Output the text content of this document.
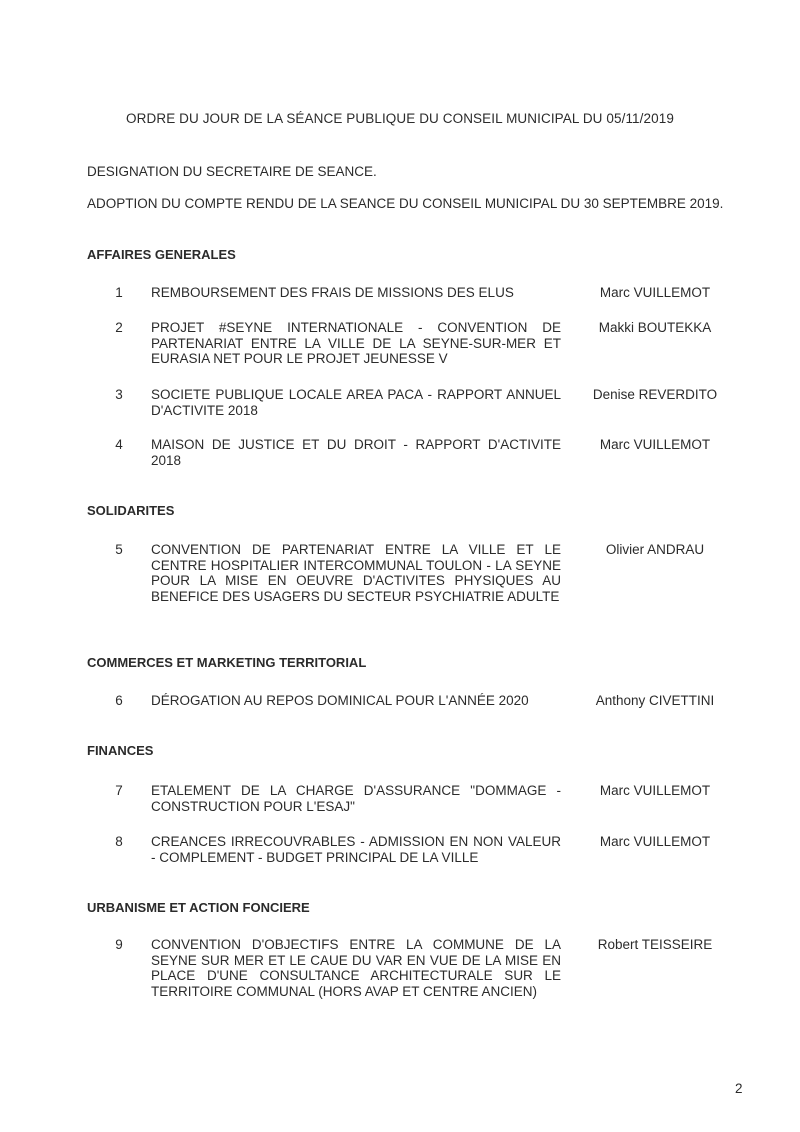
ORDRE DU JOUR DE LA SÉANCE PUBLIQUE DU CONSEIL MUNICIPAL DU 05/11/2019
DESIGNATION DU SECRETAIRE DE SEANCE.
ADOPTION DU COMPTE RENDU DE LA SEANCE DU CONSEIL MUNICIPAL DU 30 SEPTEMBRE 2019.
AFFAIRES GENERALES
1 REMBOURSEMENT DES FRAIS DE MISSIONS DES ELUS	Marc VUILLEMOT
2 PROJET #SEYNE INTERNATIONALE - CONVENTION DE PARTENARIAT ENTRE LA VILLE DE LA SEYNE-SUR-MER ET EURASIA NET POUR LE PROJET JEUNESSE V
Makki BOUTEKKA
3 SOCIETE PUBLIQUE LOCALE AREA PACA - RAPPORT ANNUEL D'ACTIVITE 2018
Denise REVERDITO
4 MAISON DE JUSTICE ET DU DROIT - RAPPORT D'ACTIVITE 2018
Marc VUILLEMOT
SOLIDARITES
5 CONVENTION DE PARTENARIAT ENTRE LA VILLE ET LE CENTRE HOSPITALIER INTERCOMMUNAL TOULON - LA SEYNE POUR LA MISE EN OEUVRE D'ACTIVITES PHYSIQUES AU BENEFICE DES USAGERS DU SECTEUR PSYCHIATRIE ADULTE
Olivier ANDRAU
COMMERCES ET MARKETING TERRITORIAL
6 DÉROGATION AU REPOS DOMINICAL POUR L'ANNÉE 2020	Anthony CIVETTINI
FINANCES
7 ETALEMENT DE LA CHARGE D'ASSURANCE "DOMMAGE - CONSTRUCTION POUR L'ESAJ"
Marc VUILLEMOT
8 CREANCES IRRECOUVRABLES - ADMISSION EN NON VALEUR - COMPLEMENT - BUDGET PRINCIPAL DE LA VILLE
Marc VUILLEMOT
URBANISME ET ACTION FONCIERE
9 CONVENTION D'OBJECTIFS ENTRE LA COMMUNE DE LA SEYNE SUR MER ET LE CAUE DU VAR EN VUE DE LA MISE EN PLACE D'UNE CONSULTANCE ARCHITECTURALE SUR LE TERRITOIRE COMMUNAL (HORS AVAP ET CENTRE ANCIEN)
Robert TEISSEIRE
2
